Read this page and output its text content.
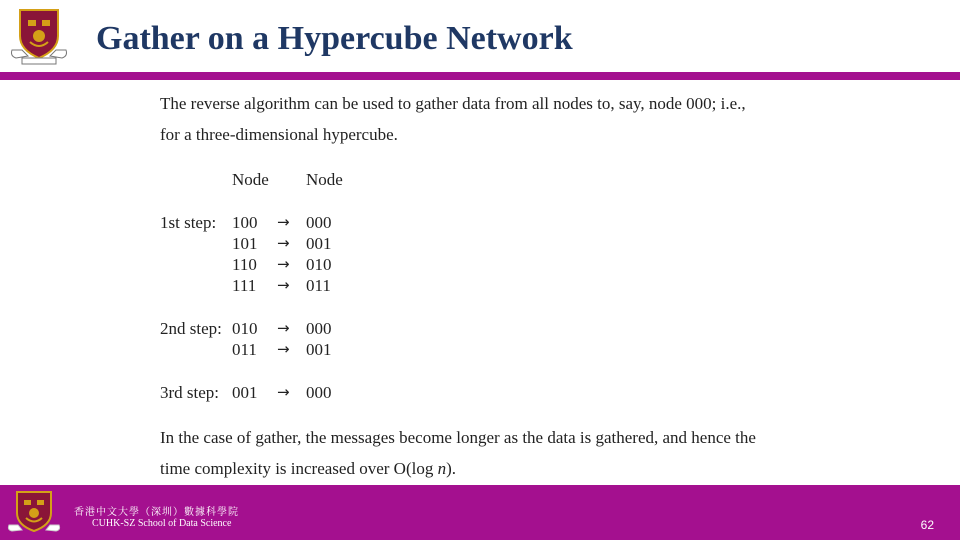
Gather on a Hypercube Network
The reverse algorithm can be used to gather data from all nodes to, say, node 000; i.e.,
for a three-dimensional hypercube.
Node Node
1st step: 100 → 000
101 → 001
110 → 010
111 → 011
2nd step: 010 → 000
011 → 001
3rd step: 001 → 000
In the case of gather, the messages become longer as the data is gathered, and hence the
time complexity is increased over O(log n).
香港中文大學（深圳）數據科學院
CUHK-SZ School of Data Science	62
